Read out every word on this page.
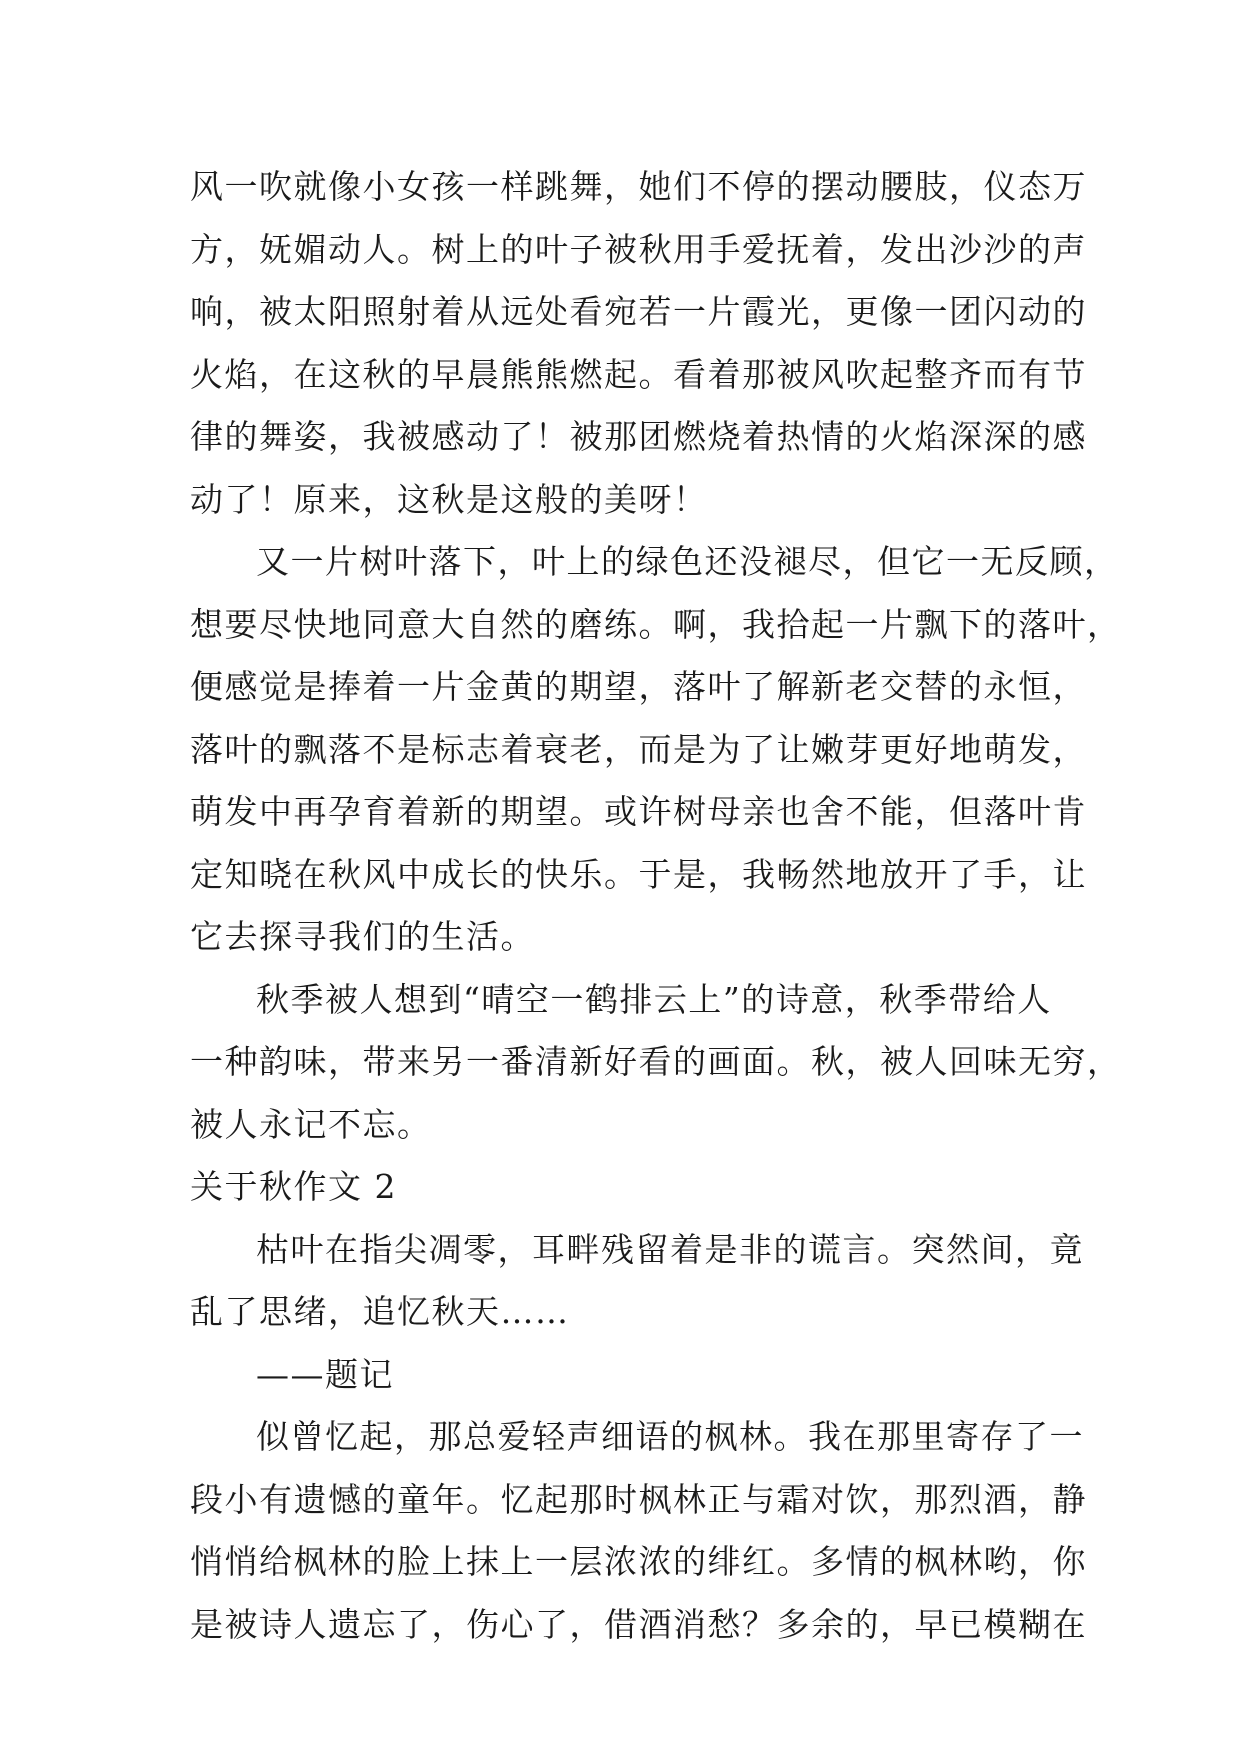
风一吹就像小女孩一样跳舞，她们不停的摆动腰肢，仪态万
方，妩媚动人。树上的叶子被秋用手爱抚着，发出沙沙的声
响，被太阳照射着从远处看宛若一片霞光，更像一团闪动的
火焰，在这秋的早晨熊熊燃起。看着那被风吹起整齐而有节
律的舞姿，我被感动了！被那团燃烧着热情的火焰深深的感
动了！原来，这秋是这般的美呀！
又一片树叶落下，叶上的绿色还没褪尽，但它一无反顾，
想要尽快地同意大自然的磨练。啊，我拾起一片飘下的落叶，
便感觉是捧着一片金黄的期望，落叶了解新老交替的永恒，
落叶的飘落不是标志着衰老，而是为了让嫩芽更好地萌发，
萌发中再孕育着新的期望。或许树母亲也舍不能，但落叶肯
定知晓在秋风中成长的快乐。于是，我畅然地放开了手，让
它去探寻我们的生活。
秋季被人想到“晴空一鹤排云上”的诗意，秋季带给人
一种韵味，带来另一番清新好看的画面。秋，被人回味无穷，
被人永记不忘。
关于秋作文 2
枯叶在指尖凋零，耳畔残留着是非的谎言。突然间，竟
乱了思绪，追忆秋天……
——题记
似曾忆起，那总爱轻声细语的枫林。我在那里寄存了一
段小有遗憾的童年。忆起那时枫林正与霜对饮，那烈酒，静
悄悄给枫林的脸上抹上一层浓浓的绯红。多情的枫林哟，你
是被诗人遗忘了，伤心了，借酒消愁？多余的，早已模糊在
